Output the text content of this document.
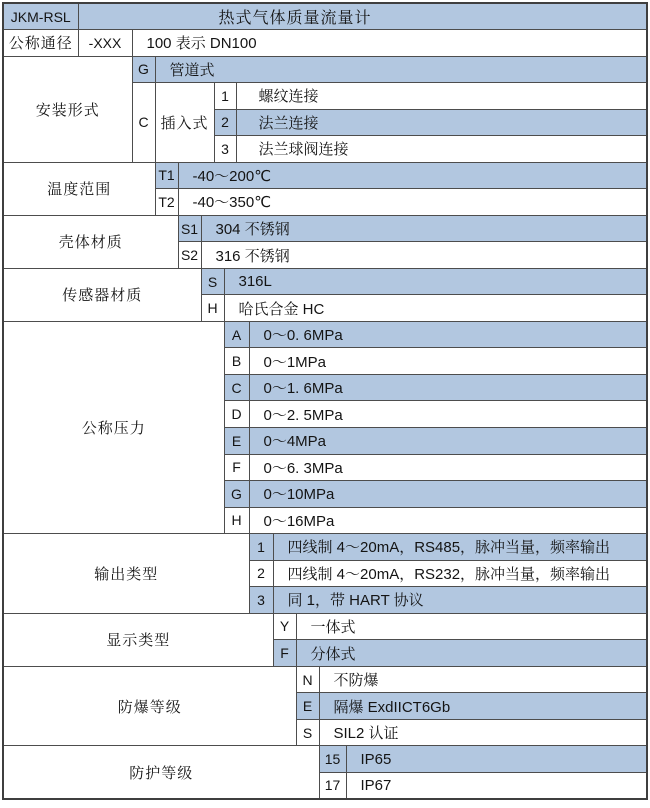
JKM-RSL	热式气体质量流量计												
公称通径	-XXX	100 表示 DN100											
安装形式		G	管道式										
		C	插入式			1		螺纹连接					
						2		法兰连接					
						3		法兰球阀连接					
温度范围			T1	-40～200℃									
			T2	-40～350℃									
壳体材质				S1	304 不锈钢								
				S2	316 不锈钢								
传感器材质					S		316L						
					H		哈氏合金 HC						
公称压力							A		0～0. 6MPa				
							B		0～1MPa				
							C		0～1. 6MPa				
							D		0～2. 5MPa				
							E		0～4MPa				
							F		0～6. 3MPa				
							G		0～10MPa				
							H		0～16MPa				
输出类型									1	四线制 4～20mA，RS485，脉冲当量，频率输出			
									2	四线制 4～20mA，RS232，脉冲当量，频率输出			
									3	同 1，带 HART 协议			
显示类型										Y	一体式		
										F	分体式		
防爆等级											N	不防爆	
											E	隔爆 ExdIICT6Gb	
											S	SIL2 认证	
防护等级												15	IP65
												17	IP67
